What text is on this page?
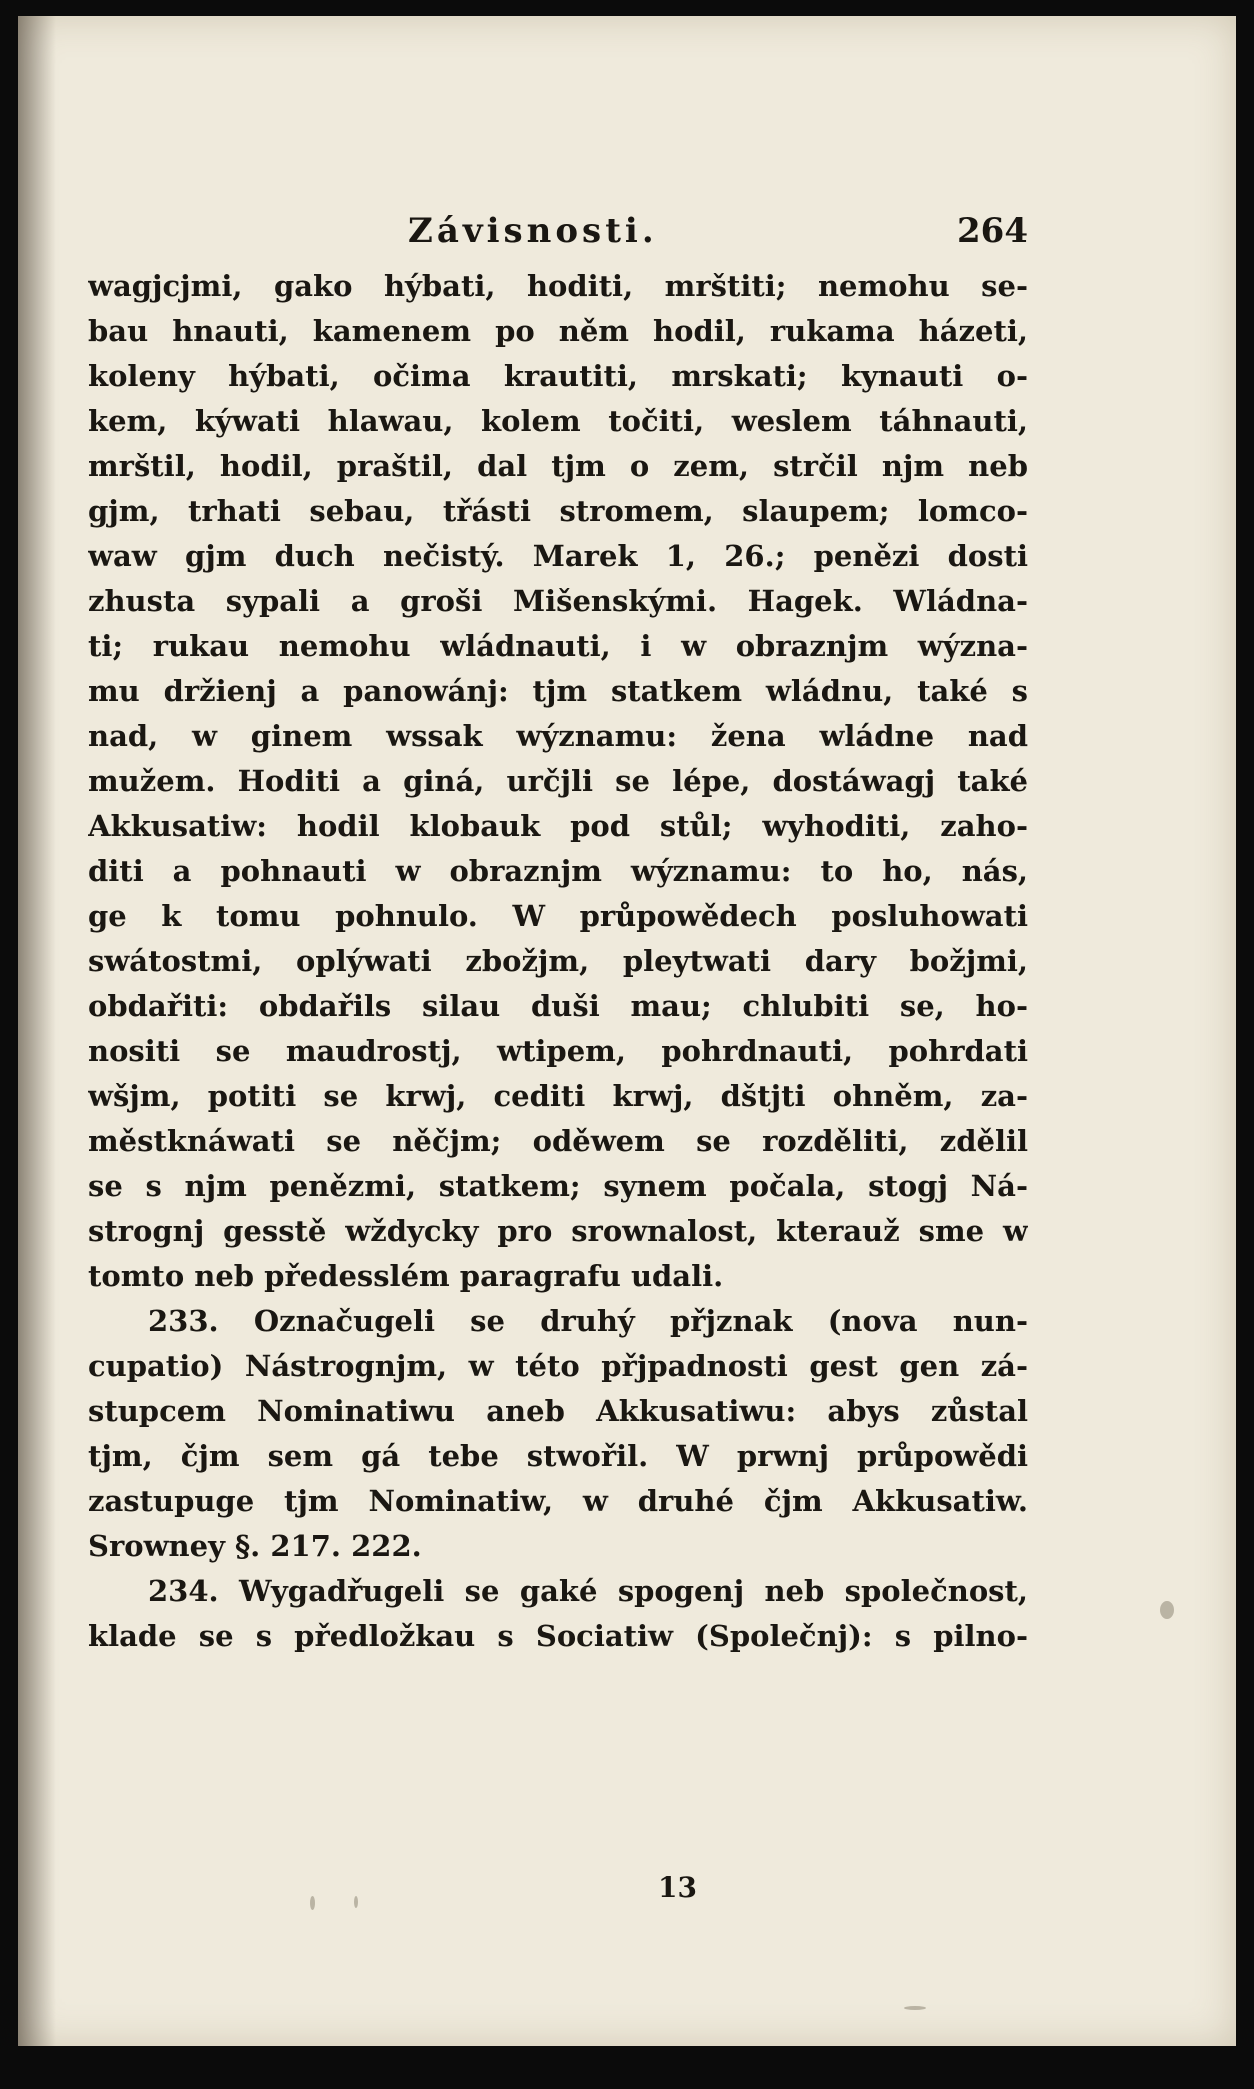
Závisnosti.	264
wagjcjmi, gako hýbati, hoditi, mrštiti; nemohu se-
bau hnauti, kamenem po něm hodil, rukama házeti,
koleny hýbati, očima krautiti, mrskati; kynauti o-
kem, kýwati hlawau, kolem točiti, weslem táhnauti,
mrštil, hodil, praštil, dal tjm o zem, strčil njm neb
gjm, trhati sebau, třásti stromem, slaupem; lomco-
waw gjm duch nečistý. Marek 1, 26.; penězi dosti
zhusta sypali a groši Mišenskými. Hagek. Wládna-
ti; rukau nemohu wládnauti, i w obraznjm wýzna-
mu držienj a panowánj: tjm statkem wládnu, také s
nad, w ginem wssak wýznamu: žena wládne nad
mužem. Hoditi a giná, určjli se lépe, dostáwagj také
Akkusatiw: hodil klobauk pod stůl; wyhoditi, zaho-
diti a pohnauti w obraznjm wýznamu: to ho, nás,
ge k tomu pohnulo. W průpowědech posluhowati
swátostmi, oplýwati zbožjm, pleytwati dary božjmi,
obdařiti: obdařils silau duši mau; chlubiti se, ho-
nositi se maudrostj, wtipem, pohrdnauti, pohrdati
wšjm, potiti se krwj, cediti krwj, dštjti ohněm, za-
městknáwati se něčjm; oděwem se rozděliti, zdělil
se s njm penězmi, statkem; synem počala, stogj Ná-
strognj gesstě wždycky pro srownalost, kterauž sme w
tomto neb předesslém paragrafu udali.
233. Označugeli se druhý přjznak (nova nun-
cupatio) Nástrognjm, w této přjpadnosti gest gen zá-
stupcem Nominatiwu aneb Akkusatiwu: abys zůstal
tjm, čjm sem gá tebe stwořil. W prwnj průpowědi
zastupuge tjm Nominatiw, w druhé čjm Akkusatiw.
Srowney §. 217. 222.
234. Wygadřugeli se gaké spogenj neb společnost,
klade se s předložkau s Sociatiw (Společnj): s pilno-
13
